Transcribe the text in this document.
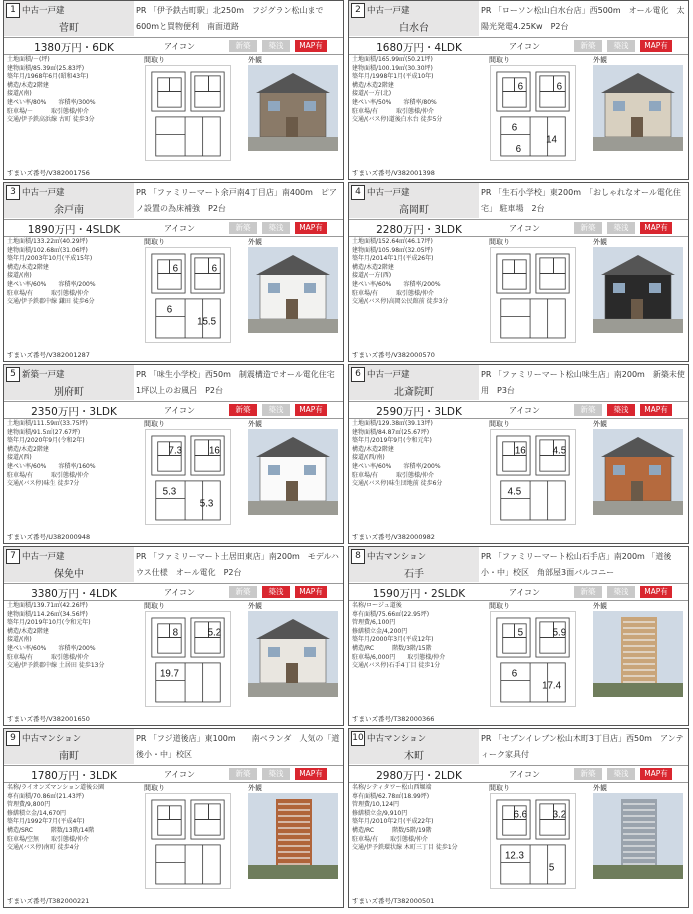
中古一戸建
菅町
1	PR 「伊予鉄古町駅」北250m　フジグラン松山まで600mと買物便利　南面道路
1380万円・6DK	アイコン	新築	築浅	MAP有
土地面積/－(坪)
建物面積/85.39㎡(25.83坪)
築年月/1968年6月(昭和43年)
構造/木造2階建
接道/(南)
建ぺい率/80%　　容積率/300%
駐車場/－　　　取引態様/仲介
交通/伊予鉄高浜線 古町 徒歩3分
間取り	外観
すまいズ番号/V382001756
中古一戸建
白水台
2	PR 「ローソン松山白水台店」西500m　オール電化　太陽光発電4.25Kw　P2台
1680万円・4LDK	アイコン	新築	築浅	MAP有
土地面積/165.99㎡(50.21坪)
建物面積/100.19㎡(30.30坪)
築年月/1998年1月(平成10年)
構造/木造2階建
接道/(一方(北)
建ぺい率/50%　　容積率/80%
駐車場/有　　　取引態様/仲介
交通/(バス停)道後白水台 徒歩5分
間取り	外観
6	6
6
14
6
すまいズ番号/V382001398
中古一戸建
余戸南
3	PR 「ファミリーマート余戸南4丁目店」南400m　ピアノ設置の為床補強　P2台
1890万円・4SLDK	アイコン	新築	築浅	MAP有
土地面積/133.22㎡(40.29坪)
建物面積/102.68㎡(31.06坪)
築年月/2003年10月(平成15年)
構造/木造2階建
接道/(南)
建ぺい率/60%　　容積率/200%
駐車場/有　　　取引態様/仲介
交通/伊予鉄郡中線 鎌田 徒歩6分
間取り	外観
6	6
6
15.5
すまいズ番号/V382001287
中古一戸建
高岡町
4	PR 「生石小学校」東200m　「おしゃれなオール電化住宅」 駐車場　2台
2280万円・3LDK	アイコン	新築	築浅	MAP有
土地面積/152.64㎡(46.17坪)
建物面積/105.98㎡(32.05坪)
築年月/2014年1月(平成26年)
構造/木造2階建
接道/(一方(西)
建ぺい率/60%　　容積率/200%
駐車場/有　　　取引態様/仲介
交通/(バス停)高岡公民館前 徒歩3分
間取り	外観
すまいズ番号/V382000570
新築一戸建
別府町
5	PR 「味生小学校」西50m　制震構造でオール電化住宅　1坪以上のお風呂　P2台
2350万円・3LDK	アイコン	新築	築浅	MAP有
土地面積/111.59㎡(33.75坪)
建物面積/91.5㎡(27.67坪)
築年月/2020年9月(令和2年)
構造/木造2階建
接道/(西)
建ぺい率/60%　　容積率/160%
駐車場/有　　　取引態様/仲介
交通/(バス停)味生 徒歩7分
間取り	外観
7.3	16
5.3
5.3
すまいズ番号/U382000948
中古一戸建
北斎院町
6	PR 「ファミリーマート松山味生店」南200m　新築未使用　P3台
2590万円・3LDK	アイコン	新築	築浅	MAP有
土地面積/129.38㎡(39.13坪)
建物面積/84.87㎡(25.67坪)
築年月/2019年9月(令和元年)
構造/木造2階建
接道/(西/南)
建ぺい率/60%　　容積率/200%
駐車場/有　　　取引態様/仲介
交通/(バス停)味生団地前 徒歩6分
間取り	外観
16	4.5
4.5
すまいズ番号/V382000982
中古一戸建
保免中
7	PR 「ファミリーマート土居田東店」南200m　モデルハウス仕様　オール電化　P2台
3380万円・4LDK	アイコン	新築	築浅	MAP有
土地面積/139.71㎡(42.26坪)
建物面積/114.26㎡(34.56坪)
築年月/2019年10月(令和元年)
構造/木造2階建
接道/(南)
建ぺい率/60%　　容積率/200%
駐車場/有　　　取引態様/仲介
交通/伊予鉄郡中線 土居田 徒歩13分
間取り	外観
8	5.2
19.7
すまいズ番号/V382001650
中古マンション
石手
8	PR 「ファミリーマート松山石手店」南200m 「道後小・中」校区　角部屋3面バルコニー
1590万円・2SLDK	アイコン	新築	築浅	MAP有
名称/ロージュ道後
専有面積/75.66㎡(22.95坪)
管理費/6,100円
修繕積立金/4,200円
築年月/2000年3月(平成12年)
構造/RC　　　階数/3階/15階
駐車場/6,000円　　取引態様/仲介
交通/(バス停)石手4丁目 徒歩1分
間取り	外観
5	5.9
6
17.4
すまいズ番号/T382000366
中古マンション
南町
9	PR 「フジ道後店」東100m　　南ベランダ　人気の「道後小・中」校区
1780万円・3LDK	アイコン	新築	築浅	MAP有
名称/ライオンズマンション道後公園
専有面積/70.86㎡(21.43坪)
管理費/9,800円
修繕積立金/14,670円
築年月/1992年7月(平成4年)
構造/SRC　　　階数/13階/14階
駐車場/空無　　取引態様/仲介
交通/(バス停)南町 徒歩4分
間取り	外観
すまいズ番号/T382000221
中古マンション
木町
10	PR 「セブンイレブン松山木町3丁目店」西50m　アンティーク家具付
2980万円・2LDK	アイコン	新築	築浅	MAP有
名称/シティタワー松山西堀端
専有面積/62.78㎡(18.99坪)
管理費/10,124円
修繕積立金/9,910円
築年月/2010年2月(平成22年)
構造/RC　　　階数/5階/19階
駐車場/有　　取引態様/仲介
交通/伊予鉄環状線 木町三丁目 徒歩1分
間取り	外観
6.6	3.2
12.3
5
すまいズ番号/T382000501
